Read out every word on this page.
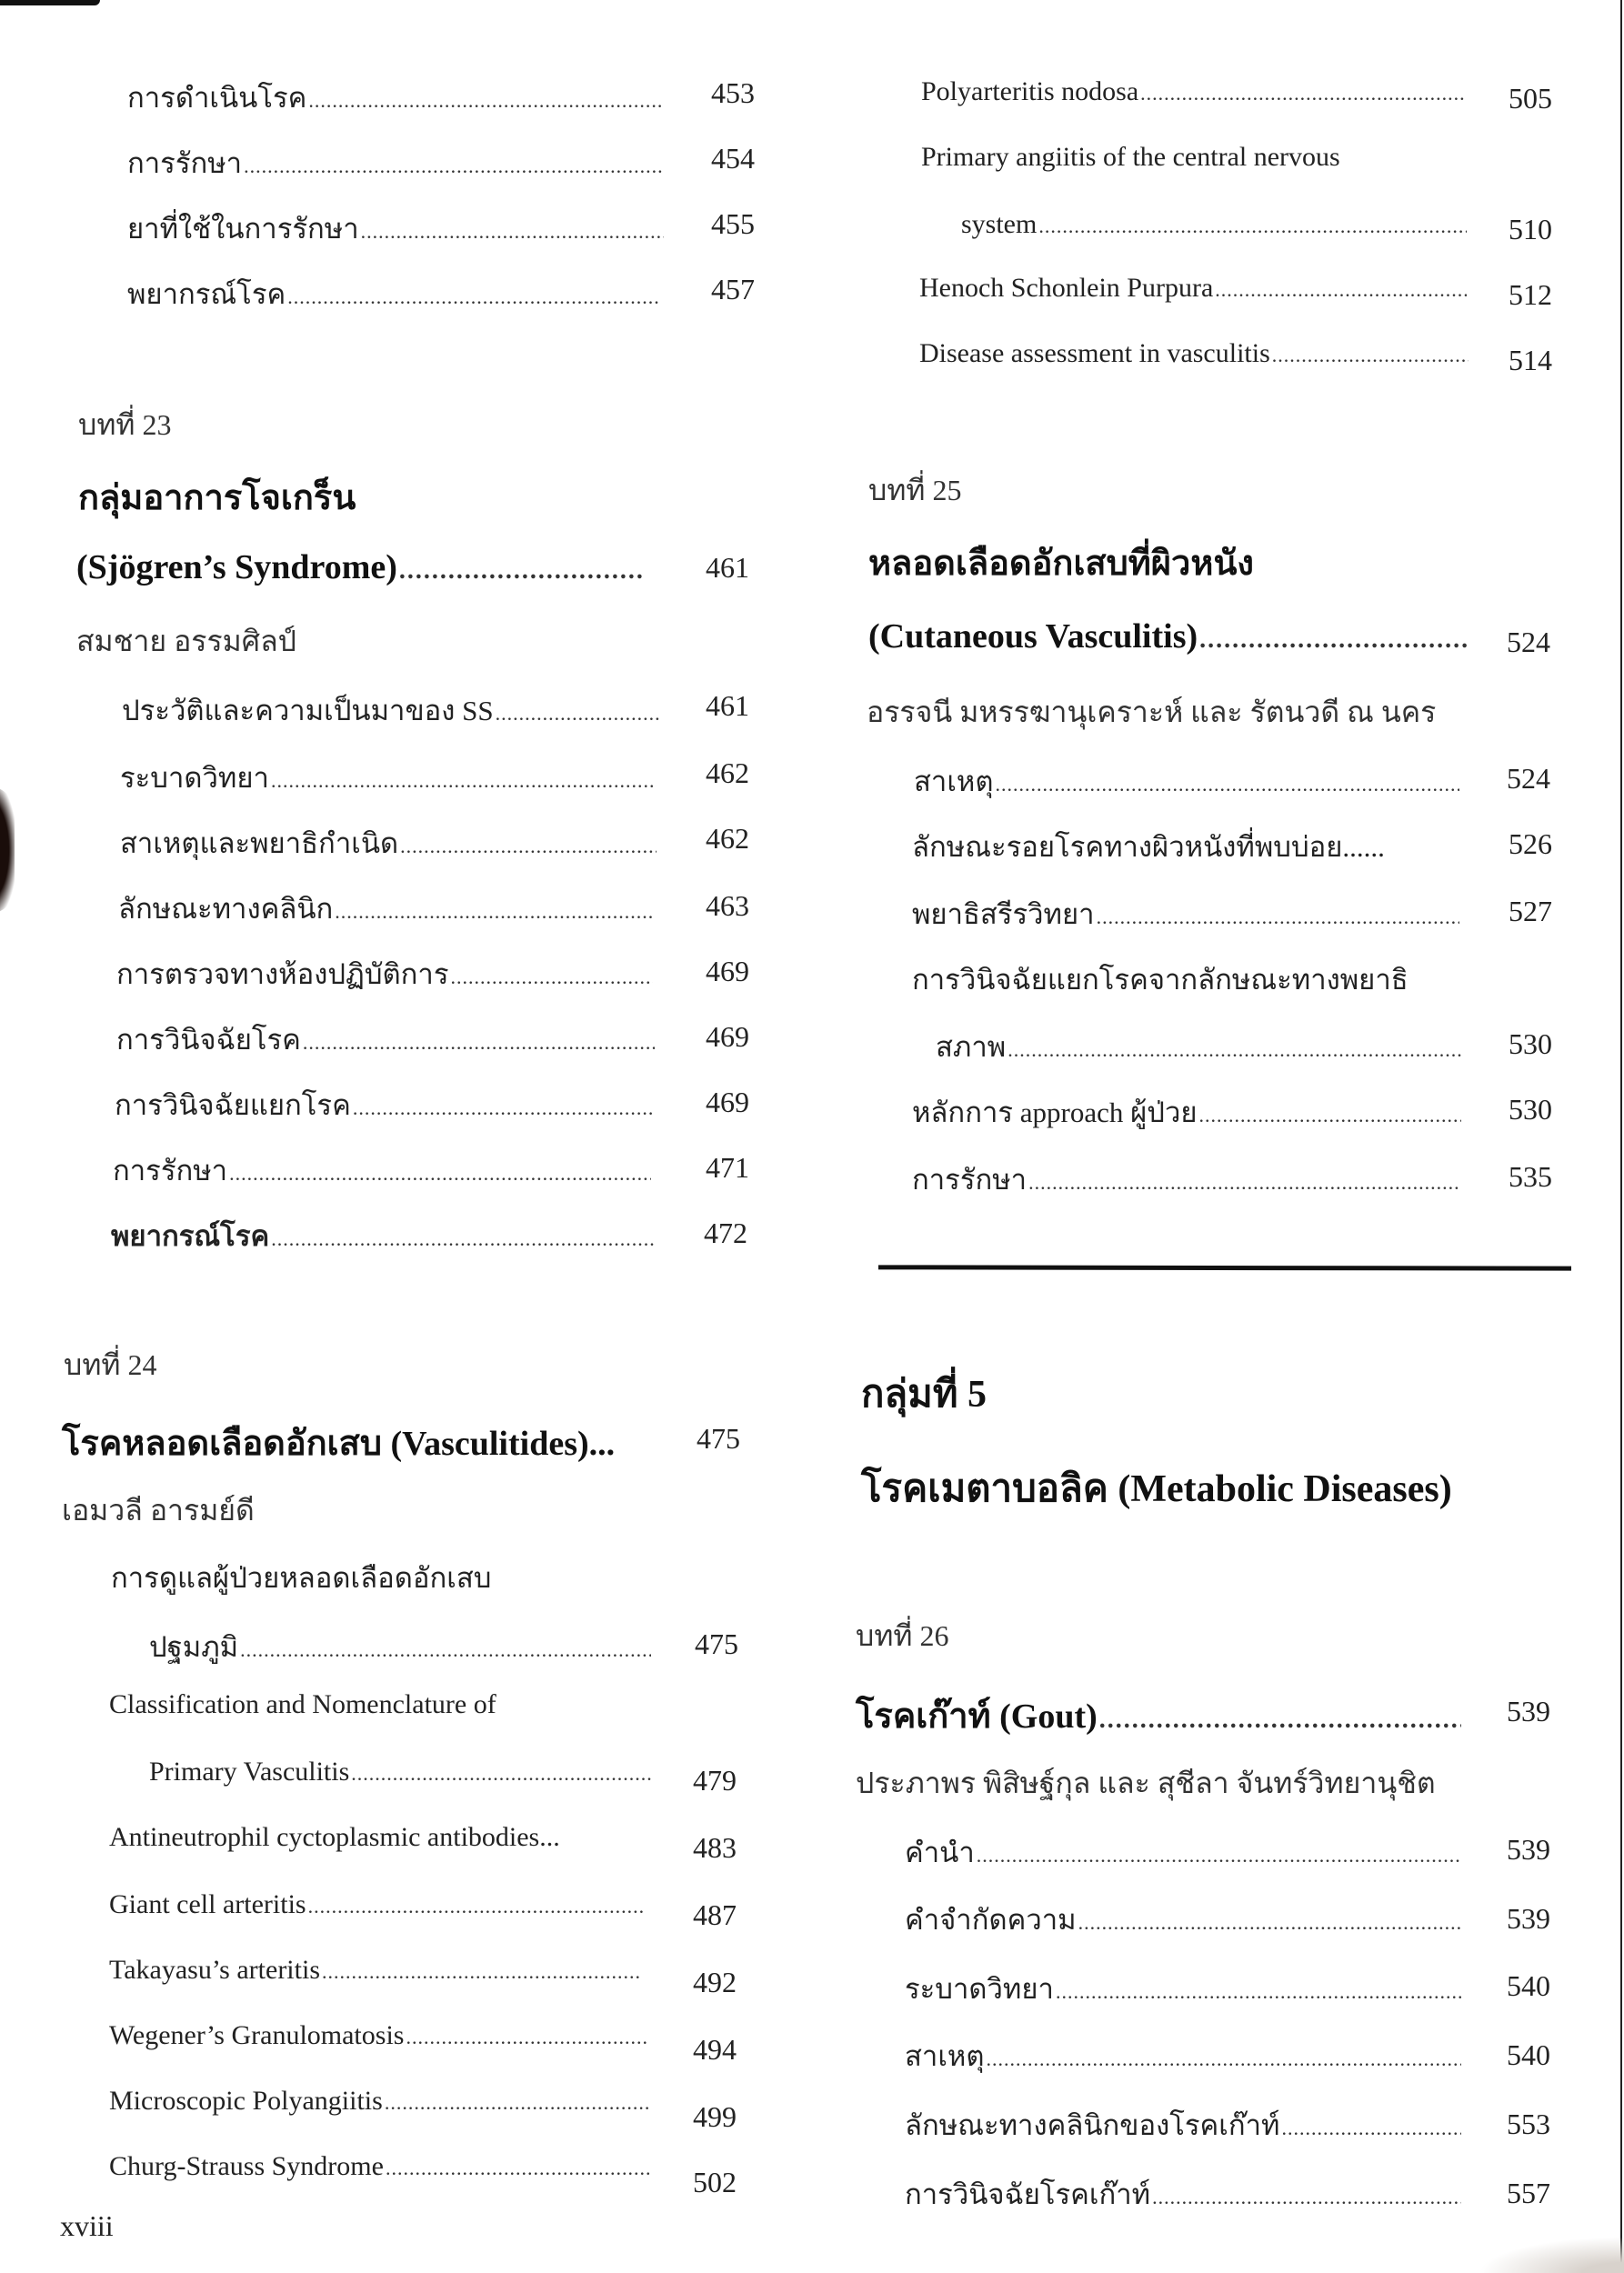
การดำเนินโรค .....	453
การรักษา .....	454
ยาที่ใช้ในการรักษา .....	455
พยากรณ์โรค .....	457
บทที่ 23
กลุ่มอาการโจเกร็น
(Sjögren’s Syndrome) .....	461
สมชาย อรรมศิลป์
ประวัติและความเป็นมาของ SS .....	461
ระบาดวิทยา .....	462
สาเหตุและพยาธิกำเนิด .....	462
ลักษณะทางคลินิก .....	463
การตรวจทางห้องปฏิบัติการ .....	469
การวินิจฉัยโรค .....	469
การวินิจฉัยแยกโรค .....	469
การรักษา .....	471
พยากรณ์โรค .....	472
บทที่ 24
โรคหลอดเลือดอักเสบ (Vasculitides)...	475
เอมวลี อารมย์ดี
การดูแลผู้ป่วยหลอดเลือดอักเสบ
ปฐมภูมิ .....	475
Classification and Nomenclature of
Primary Vasculitis .....	479
Antineutrophil cyctoplasmic antibodies...	483
Giant cell arteritis .....	487
Takayasu’s arteritis .....	492
Wegener’s Granulomatosis .....	494
Microscopic Polyangiitis .....	499
Churg-Strauss Syndrome .....	502
xviii
Polyarteritis nodosa .....	505
Primary angiitis of the central nervous
system .....	510
Henoch Schonlein Purpura .....	512
Disease assessment in vasculitis .....	514
บทที่ 25
หลอดเลือดอักเสบที่ผิวหนัง
(Cutaneous Vasculitis) .....	524
อรรจนี มหรรฆานุเคราะห์ และ รัตนวดี ณ นคร
สาเหตุ .....	524
ลักษณะรอยโรคทางผิวหนังที่พบบ่อย......	526
พยาธิสรีรวิทยา .....	527
การวินิจฉัยแยกโรคจากลักษณะทางพยาธิ
สภาพ .....	530
หลักการ approach ผู้ป่วย .....	530
การรักษา .....	535
กลุ่มที่ 5
โรคเมตาบอลิค (Metabolic Diseases)
บทที่ 26
โรคเก๊าท์ (Gout) .....	539
ประภาพร พิสิษฐ์กุล และ สุชีลา จันทร์วิทยานุชิต
คำนำ .....	539
คำจำกัดความ .....	539
ระบาดวิทยา .....	540
สาเหตุ .....	540
ลักษณะทางคลินิกของโรคเก๊าท์ .....	553
การวินิจฉัยโรคเก๊าท์ .....	557
